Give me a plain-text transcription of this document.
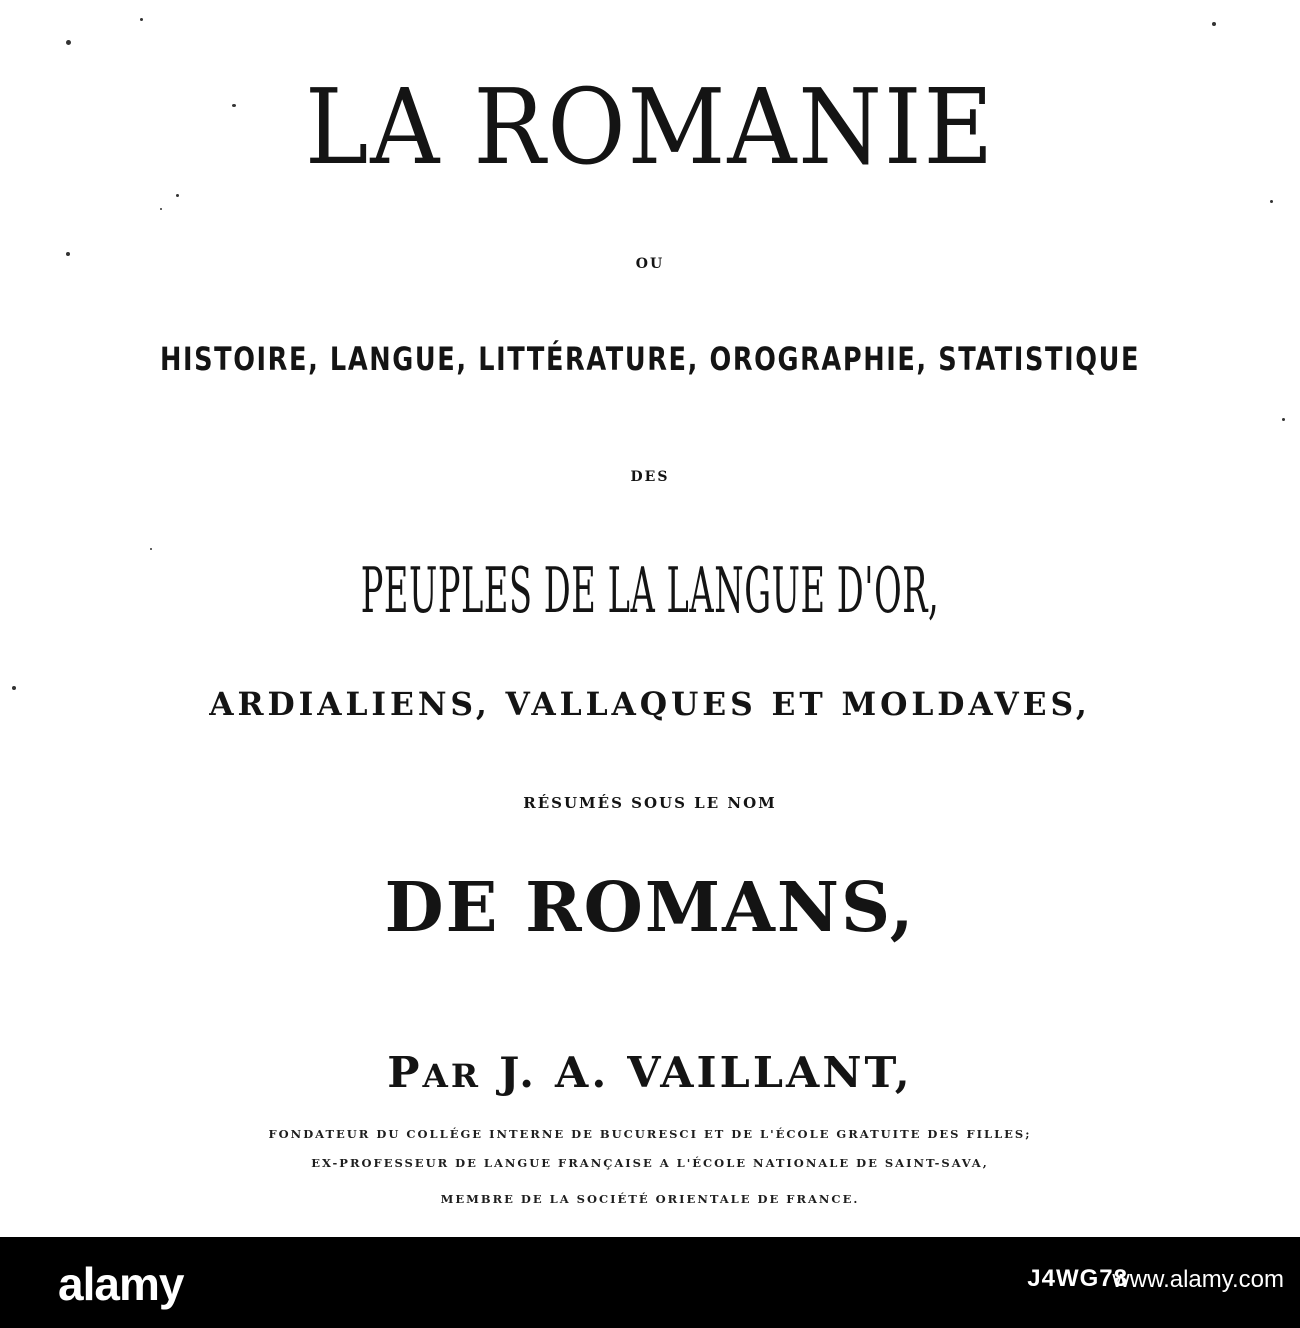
LA ROMANIE
OU
HISTOIRE, LANGUE, LITTÉRATURE, OROGRAPHIE, STATISTIQUE
DES
PEUPLES DE LA LANGUE D'OR,
ARDIALIENS, VALLAQUES ET MOLDAVES,
RÉSUMÉS SOUS LE NOM
DE ROMANS,
PAR J. A. VAILLANT,
FONDATEUR DU COLLÉGE INTERNE DE BUCURESCI ET DE L'ÉCOLE GRATUITE DES FILLES;
EX-PROFESSEUR DE LANGUE FRANÇAISE A L'ÉCOLE NATIONALE DE SAINT-SAVA,
MEMBRE DE LA SOCIÉTÉ ORIENTALE DE FRANCE.
alamy	J4WG78
www.alamy.com
